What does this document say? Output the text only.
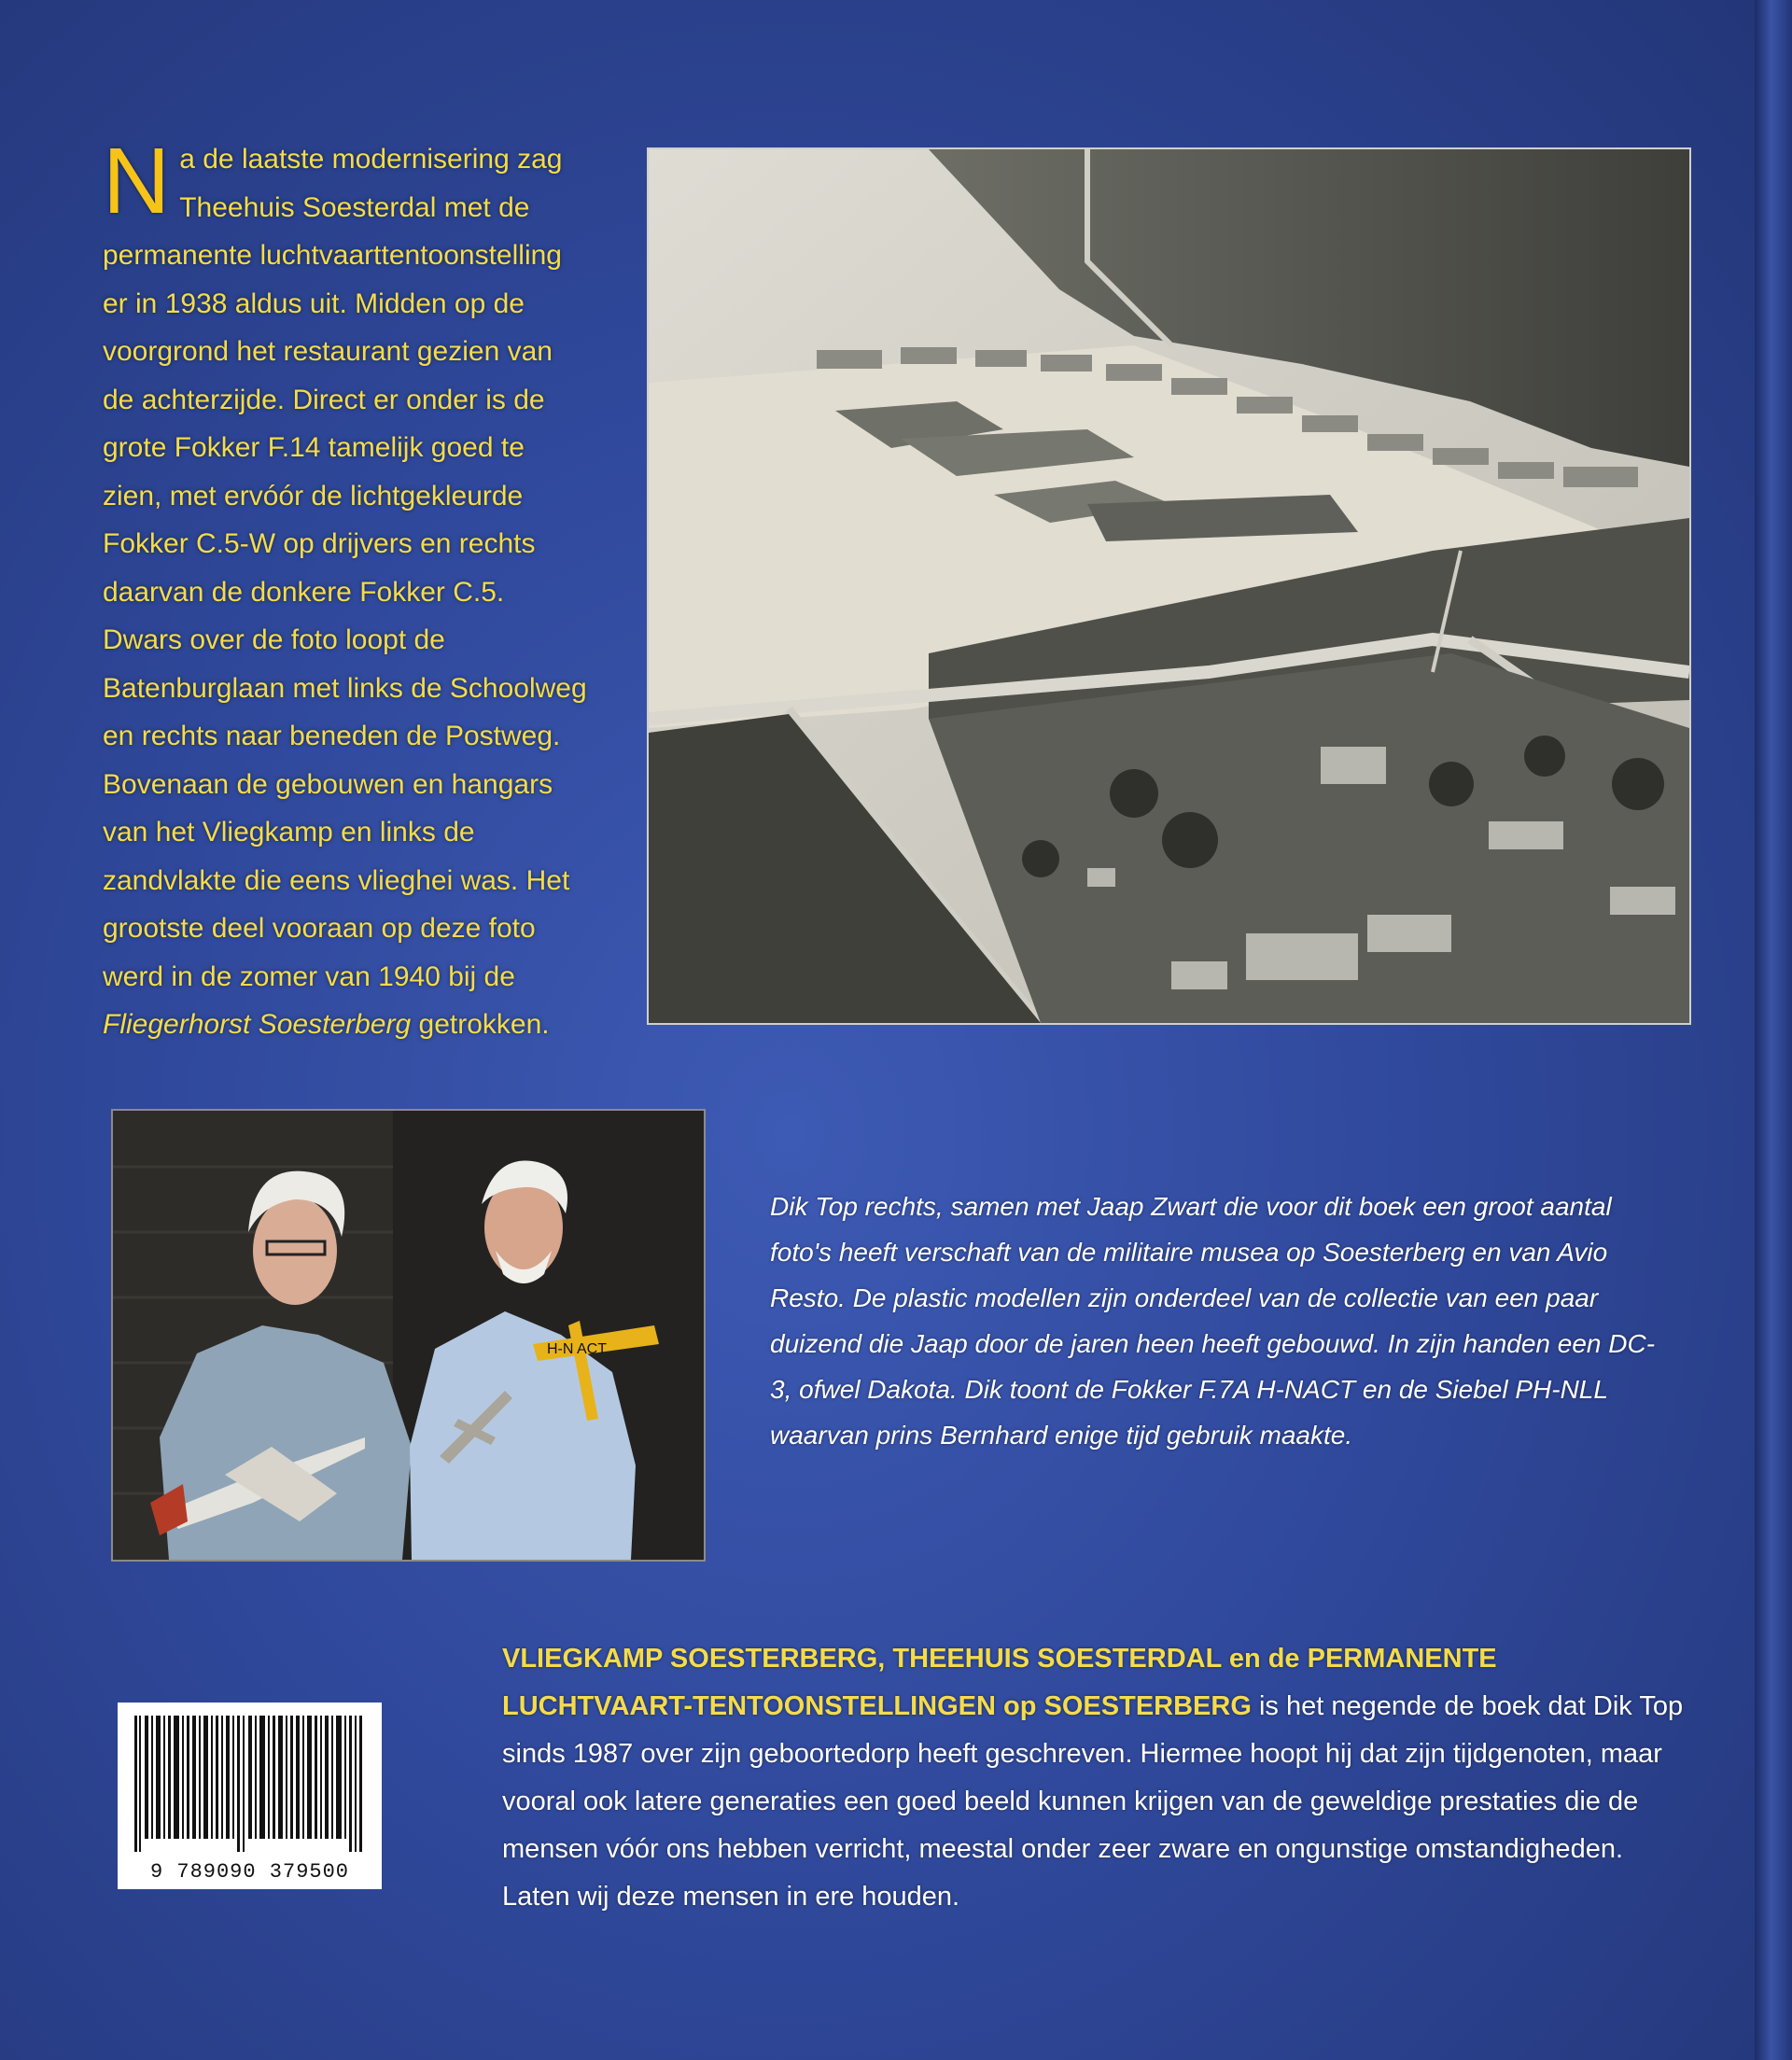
N a de laatste modernisering zag Theehuis Soesterdal met de permanente luchtvaarttentoonstelling er in 1938 aldus uit. Midden op de voorgrond het restaurant gezien van de achterzijde. Direct er onder is de grote Fokker F.14 tamelijk goed te zien, met ervóór de lichtgekleurde Fokker C.5-W op drijvers en rechts daarvan de donkere Fokker C.5. Dwars over de foto loopt de Batenburglaan met links de Schoolweg en rechts naar beneden de Postweg. Bovenaan de gebouwen en hangars van het Vliegkamp en links de zandvlakte die eens vlieghei was. Het grootste deel vooraan op deze foto werd in de zomer van 1940 bij de Fliegerhorst Soesterberg getrokken.

H-N ACT

Dik Top rechts, samen met Jaap Zwart die voor dit boek een groot aantal foto's heeft verschaft van de militaire musea op Soesterberg en van Avio Resto. De plastic modellen zijn onderdeel van de collectie van een paar duizend die Jaap door de jaren heen heeft gebouwd. In zijn handen een DC-3, ofwel Dakota. Dik toont de Fokker F.7A H-NACT en de Siebel PH-NLL waarvan prins Bernhard enige tijd gebruik maakte.

9 789090 379500

VLIEGKAMP SOESTERBERG, THEEHUIS SOESTERDAL en de PERMANENTE LUCHTVAART-TENTOONSTELLINGEN op SOESTERBERG is het negende de boek dat Dik Top sinds 1987 over zijn geboortedorp heeft geschreven. Hiermee hoopt hij dat zijn tijdgenoten, maar vooral ook latere generaties een goed beeld kunnen krijgen van de geweldige prestaties die de mensen vóór ons hebben verricht, meestal onder zeer zware en ongunstige omstandigheden. Laten wij deze mensen in ere houden.
